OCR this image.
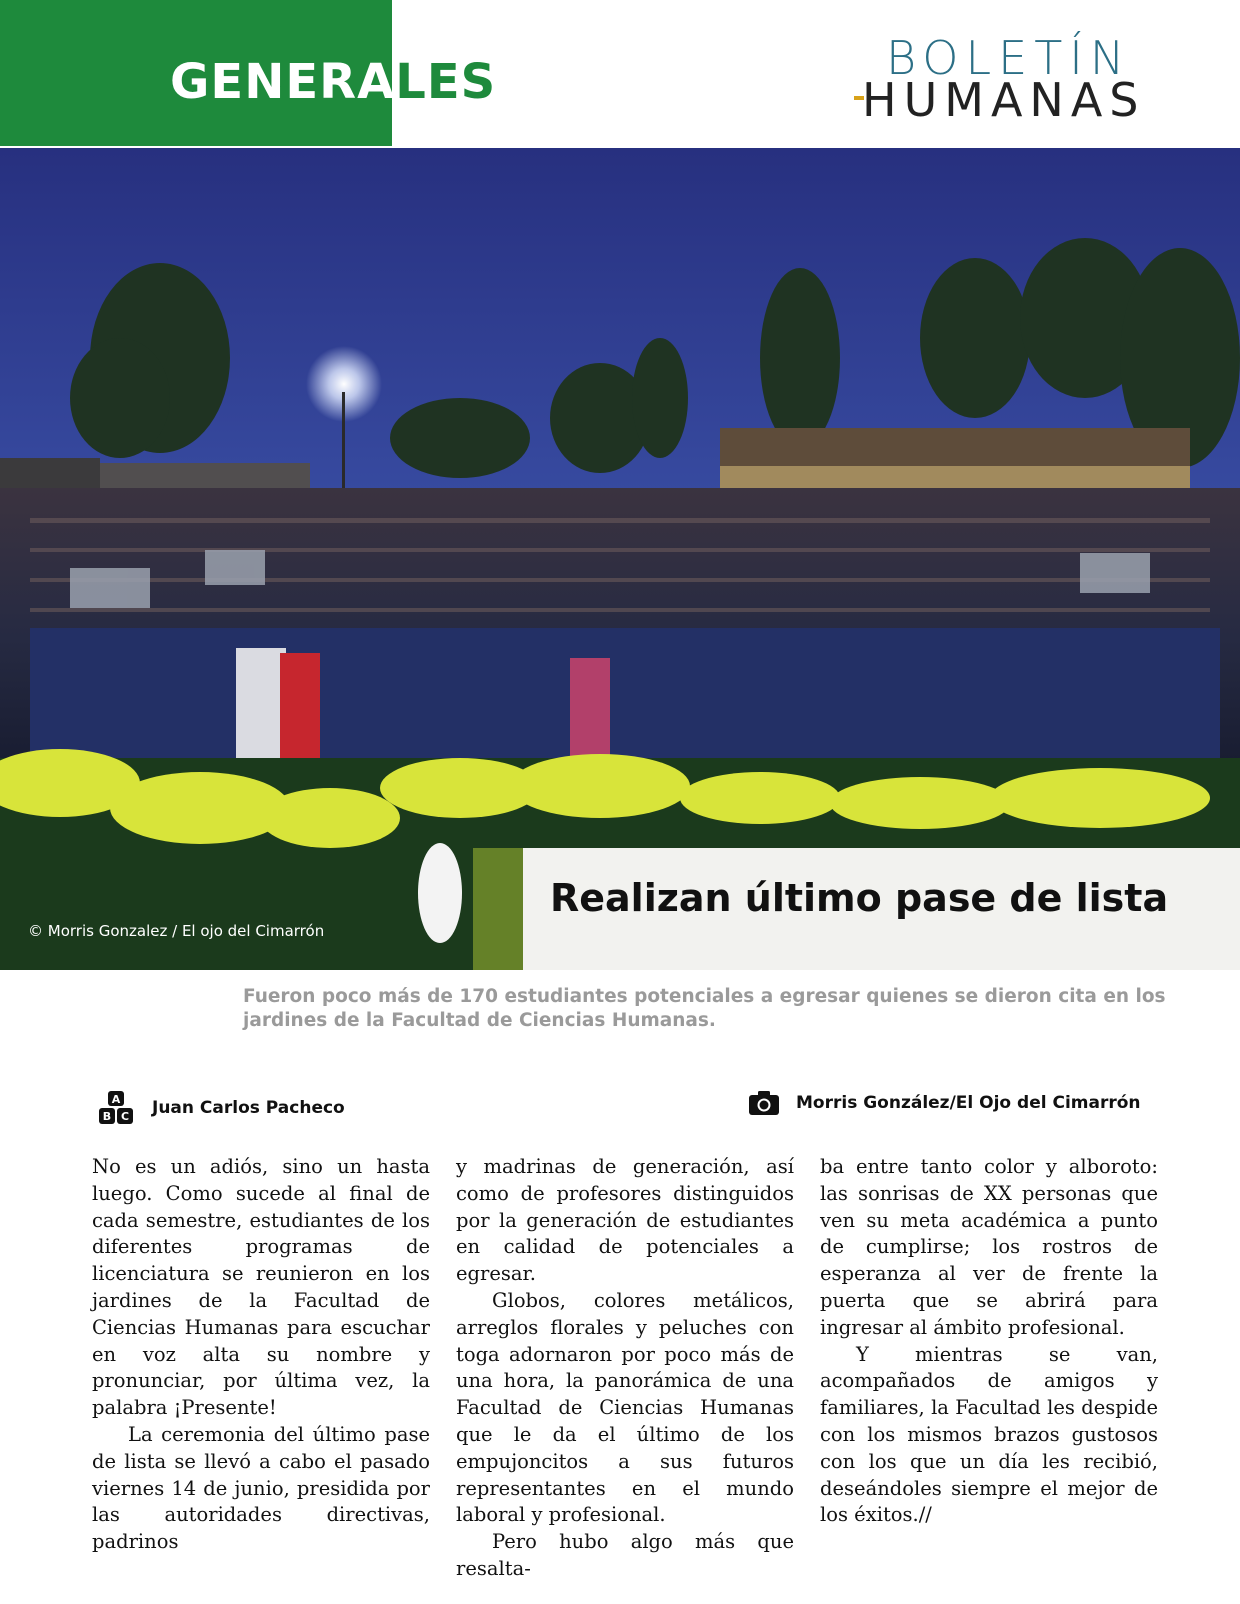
GENERALES	BOLETÍN
HUMANAS
© Morris Gonzalez / El ojo del Cimarrón
Realizan último pase de lista

Fueron poco más de 170 estudiantes potenciales a egresar quienes se dieron cita en los jardines de la Facultad de Ciencias Humanas.

A
B C Juan Carlos Pacheco	Morris González/El Ojo del Cimarrón

No es un adiós, sino un hasta luego. Como sucede al final de cada semestre, estudiantes de los diferentes programas de licenciatura se reunieron en los jardines de la Facultad de Ciencias Humanas para escuchar en voz alta su nombre y pronunciar, por última vez, la palabra ¡Presente!

La ceremonia del último pase de lista se llevó a cabo el pasado viernes 14 de junio, presidida por las autoridades directivas, padrinos

y madrinas de generación, así como de profesores distinguidos por la generación de estudiantes en calidad de potenciales a egresar.

Globos, colores metálicos, arreglos florales y peluches con toga adornaron por poco más de una hora, la panorámica de una Facultad de Ciencias Humanas que le da el último de los empujoncitos a sus futuros representantes en el mundo laboral y profesional.

Pero hubo algo más que resalta-

ba entre tanto color y alboroto: las sonrisas de XX personas que ven su meta académica a punto de cumplirse; los rostros de esperanza al ver de frente la puerta que se abrirá para ingresar al ámbito profesional.

Y mientras se van, acompañados de amigos y familiares, la Facultad les despide con los mismos brazos gustosos con los que un día les recibió, deseándoles siempre el mejor de los éxitos.//
